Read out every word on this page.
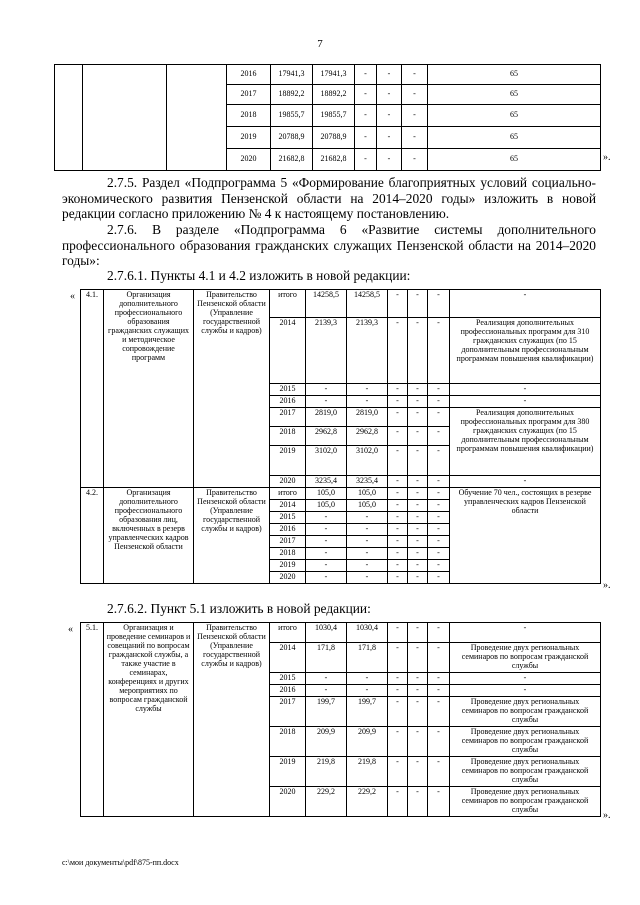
7
			2016	17941,3	17941,3	-	-	-	65
			2017	18892,2	18892,2	-	-	-	65
			2018	19855,7	19855,7	-	-	-	65
			2019	20788,9	20788,9	-	-	-	65
			2020	21682,8	21682,8	-	-	-	65	».
2.7.5. Раздел «Подпрограмма 5 «Формирование благоприятных условий социально-экономического развития Пензенской области на 2014–2020 годы» изложить в новой редакции согласно приложению № 4 к настоящему постановлению.
2.7.6. В разделе «Подпрограмма 6 «Развитие системы дополнительного профессионального образования гражданских служащих Пензенской области на 2014–2020 годы»:
2.7.6.1. Пункты 4.1 и 4.2 изложить в новой редакции:
« 4.1.	Организация дополнительного профессионального образования гражданских служащих и методическое сопровождение программ	Правительство Пензенской области (Управление государственной службы и кадров)	итого	14258,5	14258,5	-	-	-	-
			2014	2139,3	2139,3	-	-	-	Реализация дополнительных профессиональных программ для 310 гражданских служащих (по 15 дополнительным профессиональным программам повышения квалификации)
			2015	-	-	-	-	-	-
			2016	-	-	-	-	-	-
			2017	2819,0	2819,0	-	-	-	Реализация дополнительных профессиональных программ для 380 гражданских служащих (по 15 дополнительным профессиональным программам повышения квалификации)
			2018	2962,8	2962,8	-	-	-	
			2019	3102,0	3102,0	-	-	-	
			2020	3235,4	3235,4	-	-	-	-
4.2.	Организация дополнительного профессионального образования лиц, включенных в резерв управленческих кадров Пензенской области	Правительство Пензенской области (Управление государственной службы и кадров)	итого	105,0	105,0	-	-	-	Обучение 70 чел., состоящих в резерве управленческих кадров Пензенской области
			2014	105,0	105,0	-	-	-	
			2015	-	-	-	-	-	
			2016	-	-	-	-	-	
			2017	-	-	-	-	-	
			2018	-	-	-	-	-	
			2019	-	-	-	-	-	
			2020	-	-	-	-	-	
».
2.7.6.2. Пункт 5.1 изложить в новой редакции:
« 5.1.	Организация и проведение семинаров и совещаний по вопросам гражданской службы, а также участие в семинарах, конференциях и других мероприятиях по вопросам гражданской службы	Правительство Пензенской области (Управление государственной службы и кадров)	итого	1030,4	1030,4	-	-	-	-
			2014	171,8	171,8	-	-	-	Проведение двух региональных семинаров по вопросам гражданской службы
			2015	-	-	-	-	-	-
			2016	-	-	-	-	-	-
			2017	199,7	199,7	-	-	-	Проведение двух региональных семинаров по вопросам гражданской службы
			2018	209,9	209,9	-	-	-	Проведение двух региональных семинаров по вопросам гражданской службы
			2019	219,8	219,8	-	-	-	Проведение двух региональных семинаров по вопросам гражданской службы
			2020	229,2	229,2	-	-	-	Проведение двух региональных семинаров по вопросам гражданской службы
».
c:\мои документы\pdf\875-пп.docx
